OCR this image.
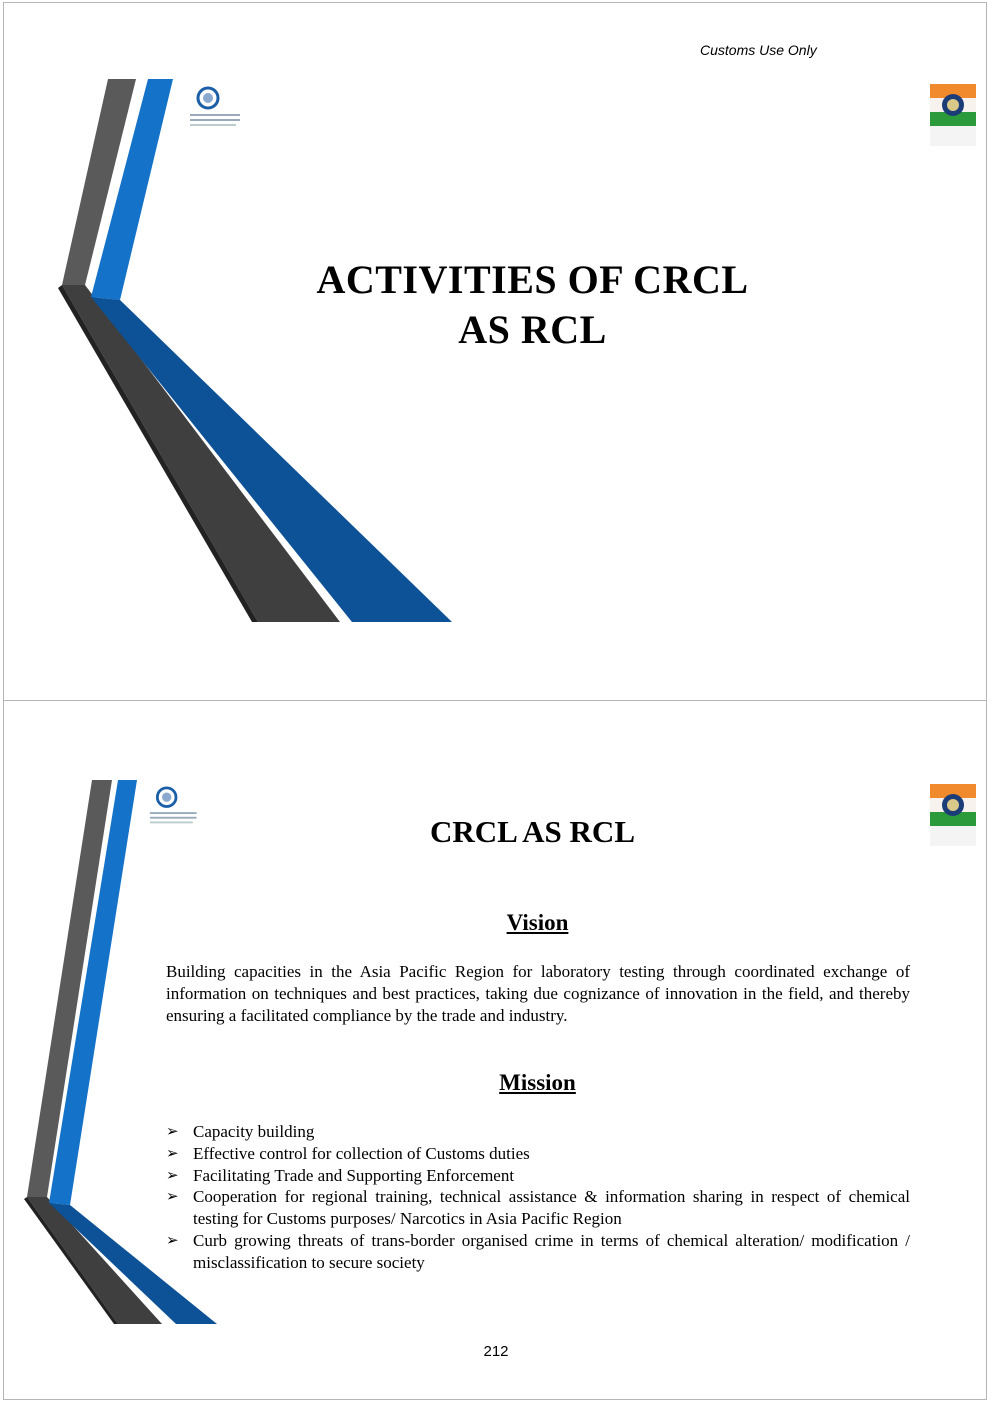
Customs Use Only
ACTIVITIES OF CRCL
AS RCL
CRCL AS RCL
Vision
Building capacities in the Asia Pacific Region for laboratory testing through coordinated exchange of information on techniques and best practices, taking due cognizance of innovation in the field, and thereby ensuring a facilitated compliance by the trade and industry.
Mission
➢ Capacity building
➢ Effective control for collection of Customs duties
➢ Facilitating Trade and Supporting Enforcement
➢ Cooperation for regional training, technical assistance & information sharing in respect of chemical testing for Customs purposes/ Narcotics in Asia Pacific Region
➢ Curb growing threats of trans-border organised crime in terms of chemical alteration/ modification / misclassification to secure society
212
